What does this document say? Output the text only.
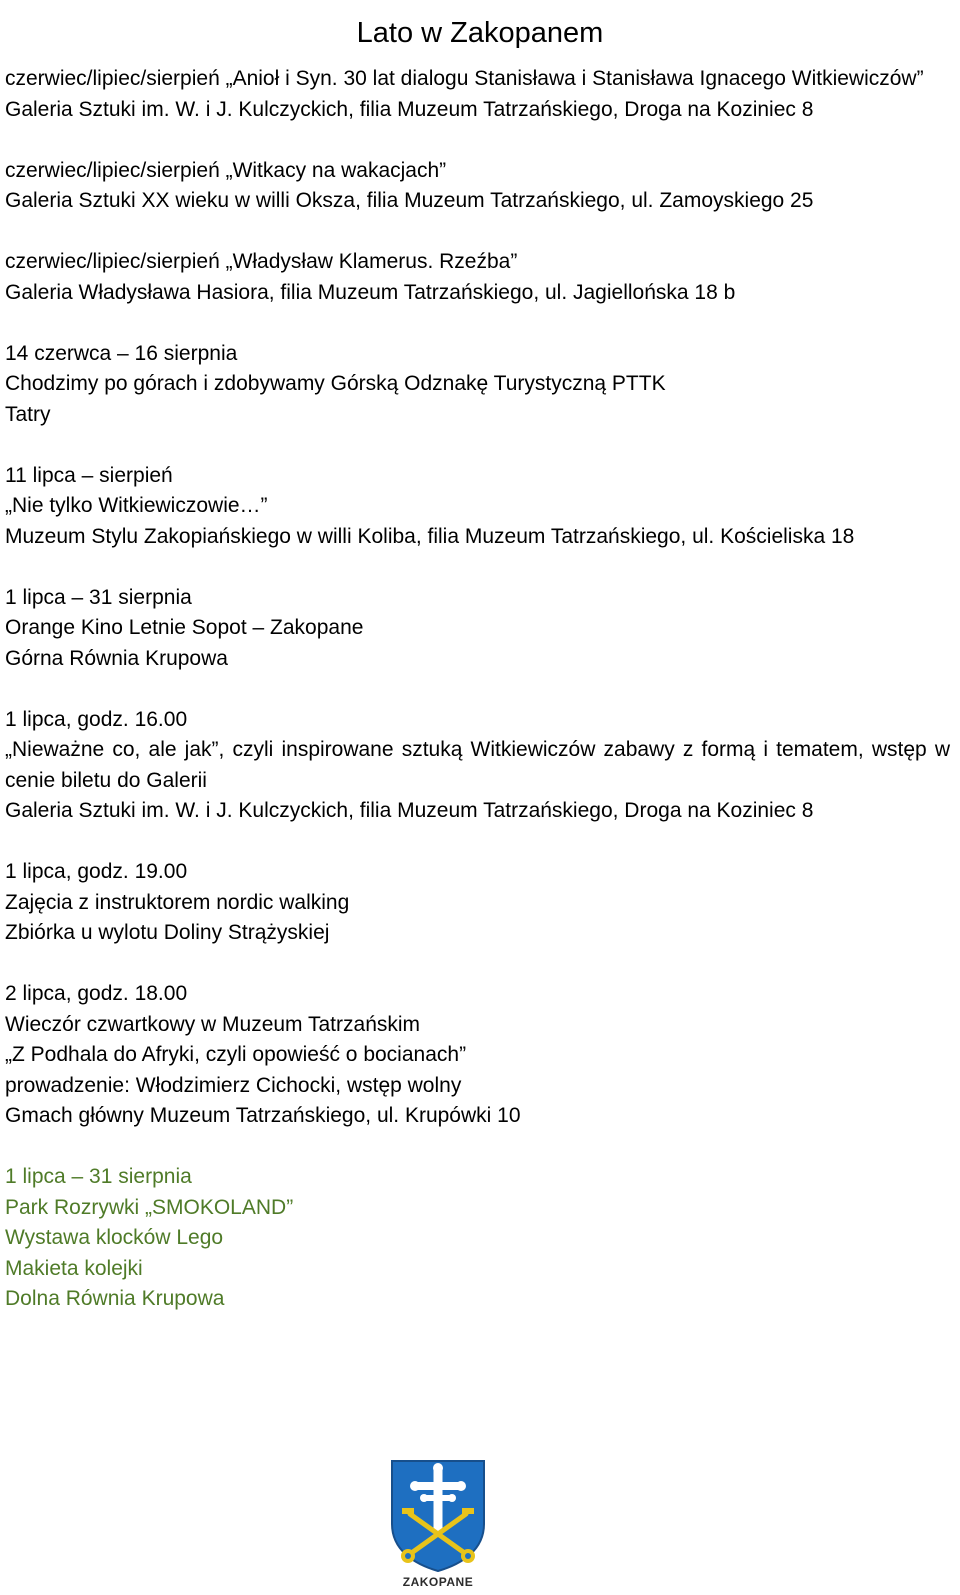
Lato w Zakopanem
czerwiec/lipiec/sierpień „Anioł i Syn. 30 lat dialogu Stanisława i Stanisława Ignacego Witkiewiczów”
Galeria Sztuki im. W. i J. Kulczyckich, filia Muzeum Tatrzańskiego, Droga na Koziniec 8
czerwiec/lipiec/sierpień „Witkacy na wakacjach”
Galeria Sztuki XX wieku w willi Oksza, filia Muzeum Tatrzańskiego, ul. Zamoyskiego 25
czerwiec/lipiec/sierpień „Władysław Klamerus. Rzeźba”
Galeria Władysława Hasiora, filia Muzeum Tatrzańskiego, ul. Jagiellońska 18 b
14 czerwca – 16 sierpnia
Chodzimy po górach i zdobywamy Górską Odznakę Turystyczną PTTK
Tatry
11 lipca – sierpień
„Nie tylko Witkiewiczowie…”
Muzeum Stylu Zakopiańskiego w willi Koliba, filia Muzeum Tatrzańskiego, ul. Kościeliska 18
1 lipca – 31 sierpnia
Orange Kino Letnie Sopot – Zakopane
Górna Równia Krupowa
1 lipca, godz. 16.00
„Nieważne co, ale jak”, czyli inspirowane sztuką Witkiewiczów zabawy z formą i tematem, wstęp w cenie biletu do Galerii
Galeria Sztuki im. W. i J. Kulczyckich, filia Muzeum Tatrzańskiego, Droga na Koziniec 8
1 lipca, godz. 19.00
Zajęcia z instruktorem nordic walking
Zbiórka u wylotu Doliny Strążyskiej
2 lipca, godz. 18.00
Wieczór czwartkowy w Muzeum Tatrzańskim
„Z Podhala do Afryki, czyli opowieść o bocianach”
prowadzenie: Włodzimierz Cichocki, wstęp wolny
Gmach główny Muzeum Tatrzańskiego, ul. Krupówki 10
1 lipca – 31 sierpnia
Park Rozrywki „SMOKOLAND”
Wystawa klocków Lego
Makieta kolejki
Dolna Równia Krupowa
ZAKOPANE
